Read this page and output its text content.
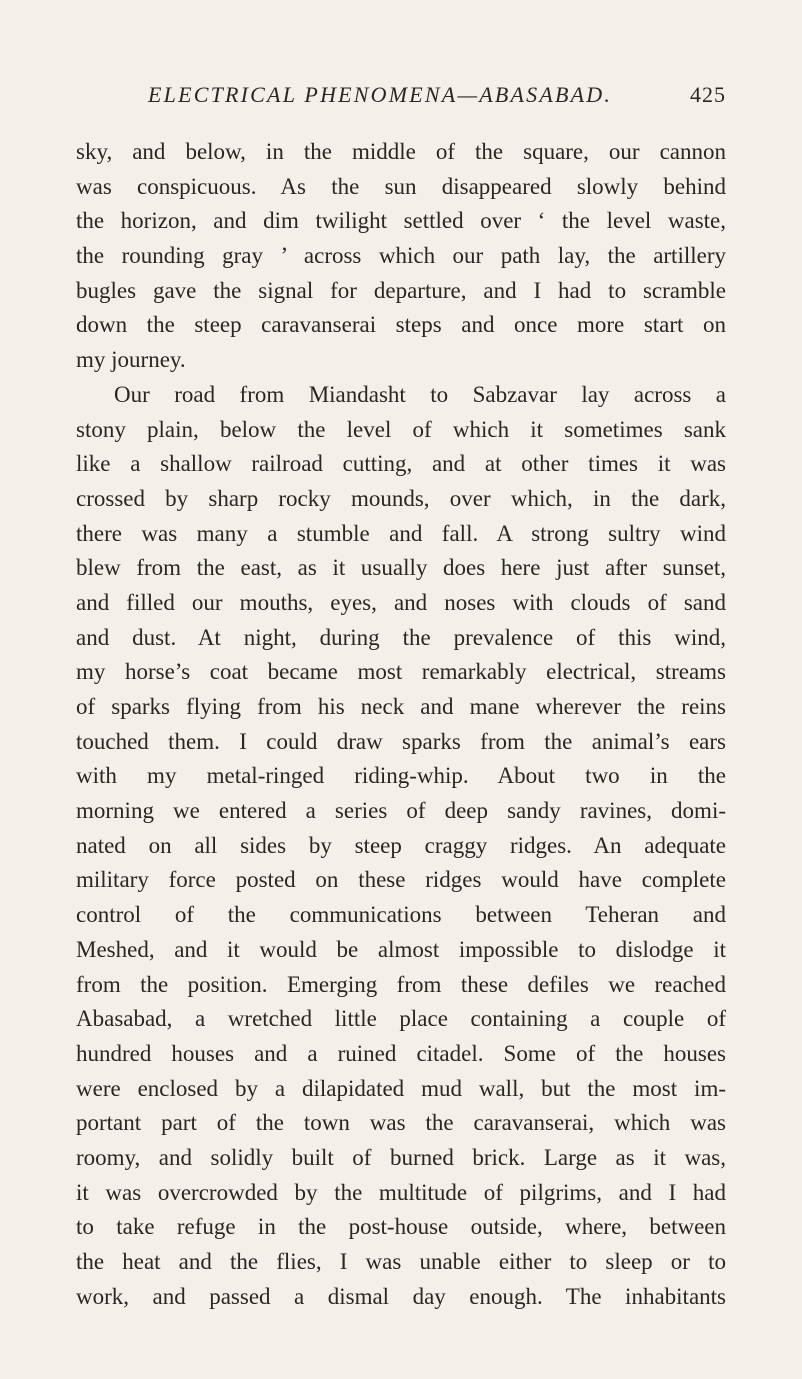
ELECTRICAL PHENOMENA—ABASABAD.	425
sky, and below, in the middle of the square, our cannon
was conspicuous. As the sun disappeared slowly behind
the horizon, and dim twilight settled over ‘ the level waste,
the rounding gray ’ across which our path lay, the artillery
bugles gave the signal for departure, and I had to scramble
down the steep caravanserai steps and once more start on
my journey.
Our road from Miandasht to Sabzavar lay across a
stony plain, below the level of which it sometimes sank
like a shallow railroad cutting, and at other times it was
crossed by sharp rocky mounds, over which, in the dark,
there was many a stumble and fall. A strong sultry wind
blew from the east, as it usually does here just after sunset,
and filled our mouths, eyes, and noses with clouds of sand
and dust. At night, during the prevalence of this wind,
my horse’s coat became most remarkably electrical, streams
of sparks flying from his neck and mane wherever the reins
touched them. I could draw sparks from the animal’s ears
with my metal-ringed riding-whip. About two in the
morning we entered a series of deep sandy ravines, domi-
nated on all sides by steep craggy ridges. An adequate
military force posted on these ridges would have complete
control of the communications between Teheran and
Meshed, and it would be almost impossible to dislodge it
from the position. Emerging from these defiles we reached
Abasabad, a wretched little place containing a couple of
hundred houses and a ruined citadel. Some of the houses
were enclosed by a dilapidated mud wall, but the most im-
portant part of the town was the caravanserai, which was
roomy, and solidly built of burned brick. Large as it was,
it was overcrowded by the multitude of pilgrims, and I had
to take refuge in the post-house outside, where, between
the heat and the flies, I was unable either to sleep or to
work, and passed a dismal day enough. The inhabitants
